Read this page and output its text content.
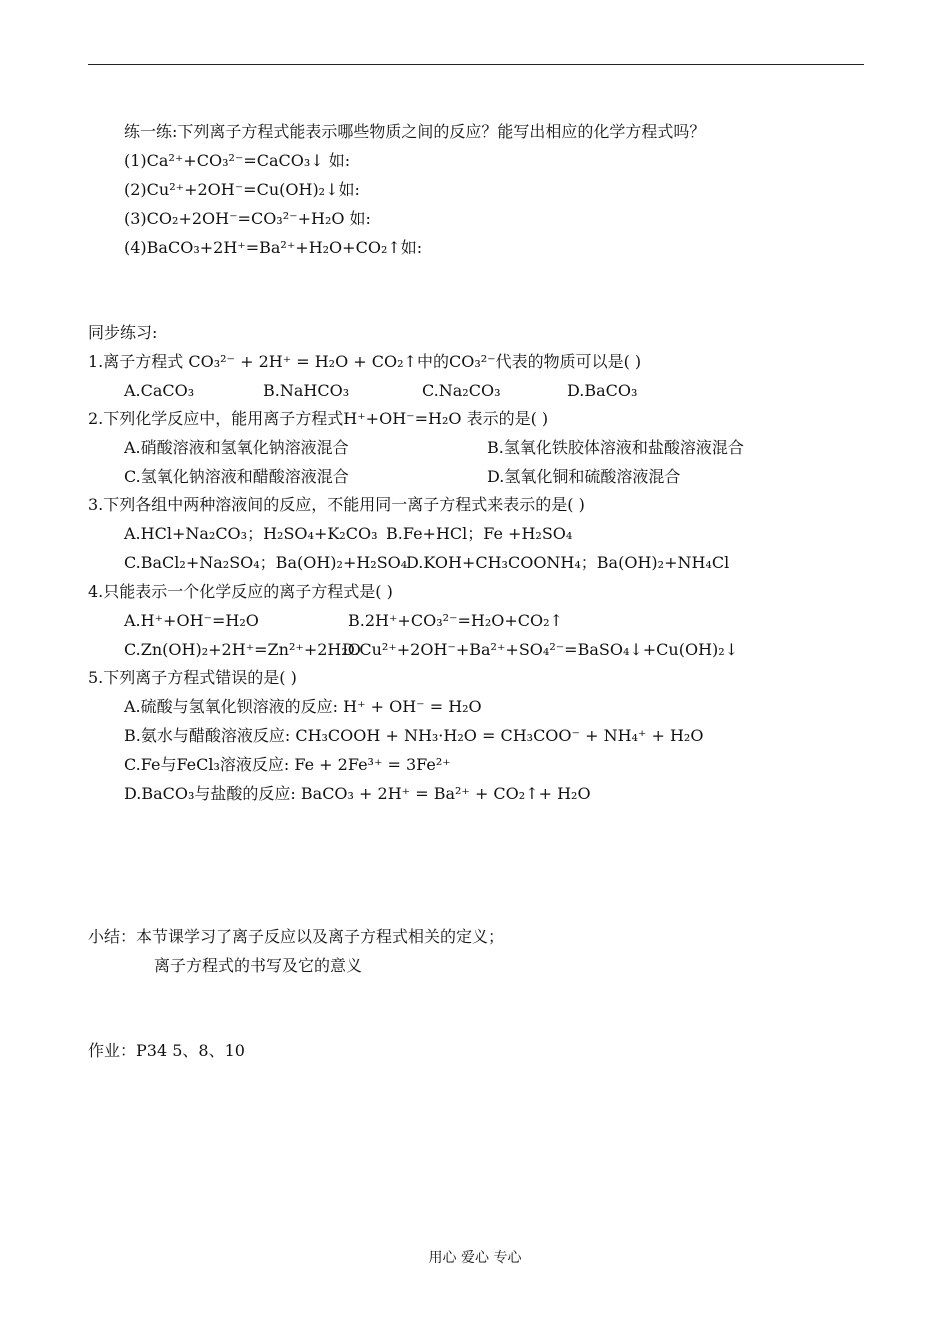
练一练:下列离子方程式能表示哪些物质之间的反应？能写出相应的化学方程式吗？
(1)Ca²⁺+CO₃²⁻=CaCO₃↓ 如:
(2)Cu²⁺+2OH⁻=Cu(OH)₂↓如:
(3)CO₂+2OH⁻=CO₃²⁻+H₂O 如:
(4)BaCO₃+2H⁺=Ba²⁺+H₂O+CO₂↑如:
同步练习:
1.离子方程式 CO₃²⁻ + 2H⁺ = H₂O + CO₂↑中的CO₃²⁻代表的物质可以是( )
A.CaCO₃	B.NaHCO₃	C.Na₂CO₃	D.BaCO₃
2.下列化学反应中，能用离子方程式H⁺+OH⁻=H₂O 表示的是( )
A.硝酸溶液和氢氧化钠溶液混合	B.氢氧化铁胶体溶液和盐酸溶液混合
C.氢氧化钠溶液和醋酸溶液混合	D.氢氧化铜和硫酸溶液混合
3.下列各组中两种溶液间的反应，不能用同一离子方程式来表示的是( )
A.HCl+Na₂CO₃；H₂SO₄+K₂CO₃ B.Fe+HCl；Fe +H₂SO₄
C.BaCl₂+Na₂SO₄；Ba(OH)₂+H₂SO₄
D.KOH+CH₃COONH₄；Ba(OH)₂+NH₄Cl
4.只能表示一个化学反应的离子方程式是( )
A.H⁺+OH⁻=H₂O	B.2H⁺+CO₃²⁻=H₂O+CO₂↑
C.Zn(OH)₂+2H⁺=Zn²⁺+2H₂O
D.Cu²⁺+2OH⁻+Ba²⁺+SO₄²⁻=BaSO₄↓+Cu(OH)₂↓
5.下列离子方程式错误的是( )
A.硫酸与氢氧化钡溶液的反应: H⁺ + OH⁻ = H₂O
B.氨水与醋酸溶液反应: CH₃COOH + NH₃·H₂O = CH₃COO⁻ + NH₄⁺ + H₂O
C.Fe与FeCl₃溶液反应: Fe + 2Fe³⁺ = 3Fe²⁺
D.BaCO₃与盐酸的反应: BaCO₃ + 2H⁺ = Ba²⁺ + CO₂↑+ H₂O
小结：本节课学习了离子反应以及离子方程式相关的定义；
离子方程式的书写及它的意义
作业：P34 5、8、10
用心 爱心 专心
